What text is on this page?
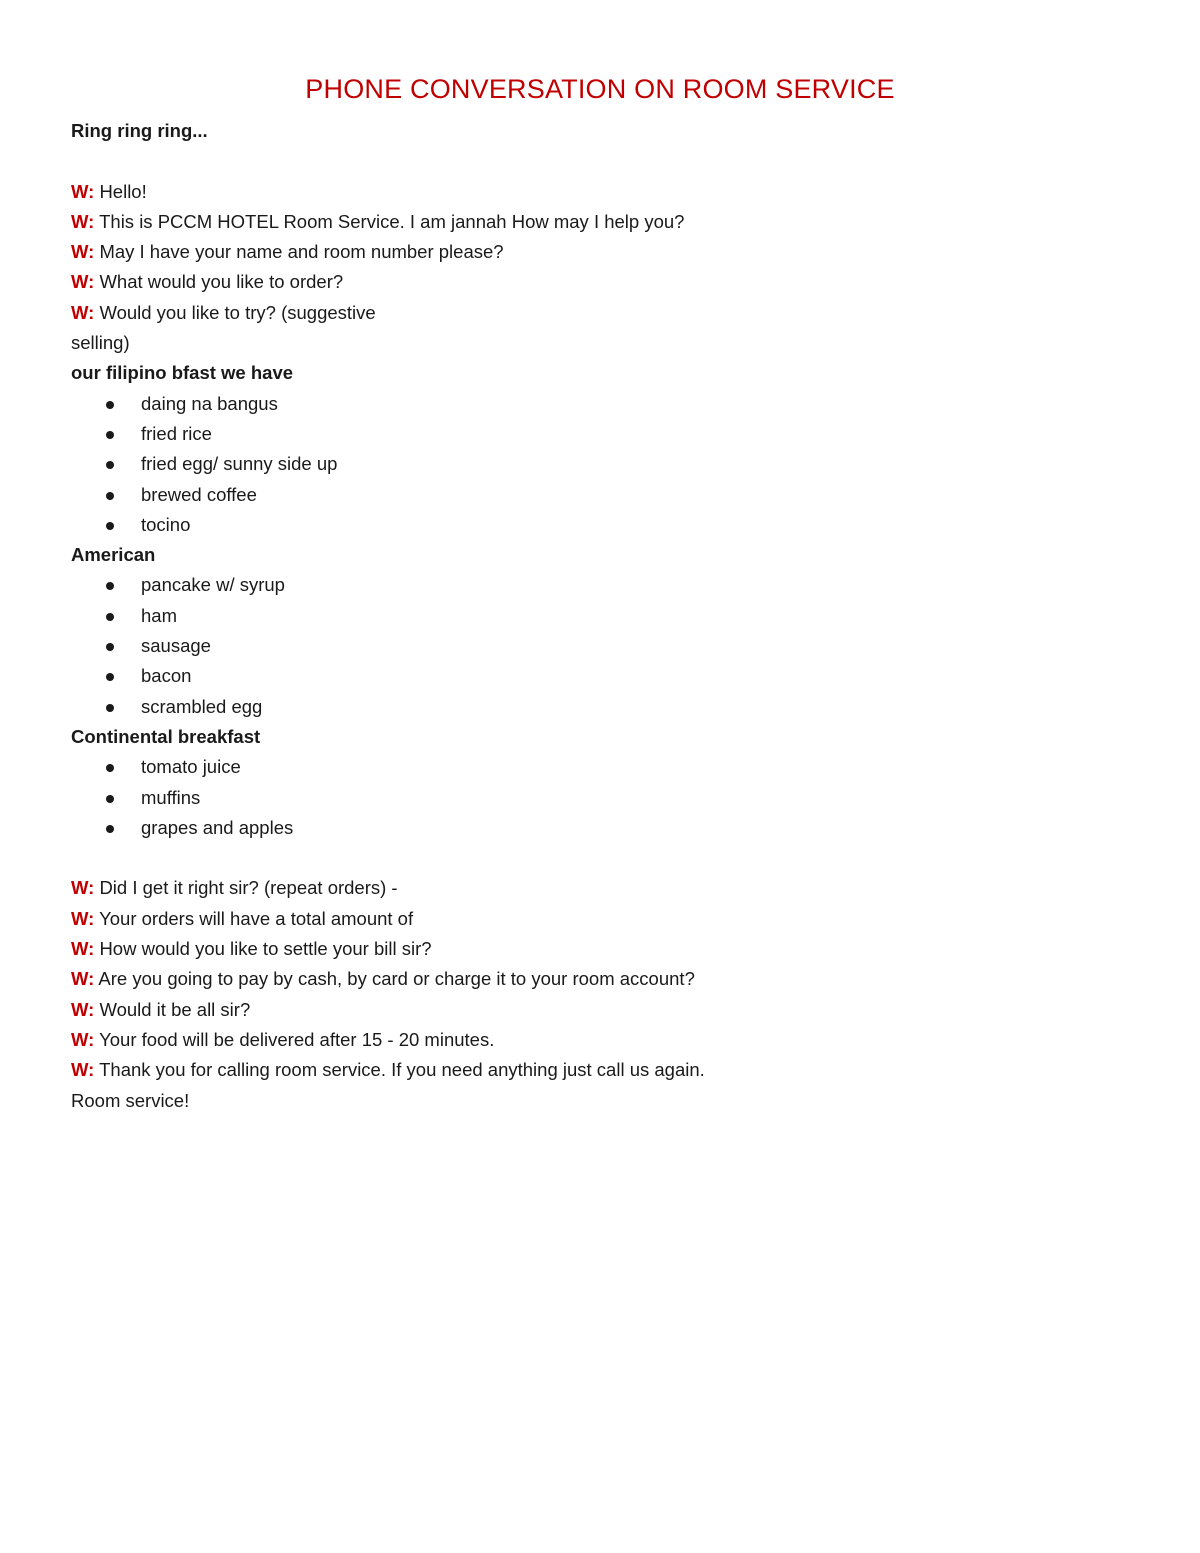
PHONE CONVERSATION ON ROOM SERVICE
Ring ring ring...
W: Hello!
W: This is PCCM HOTEL Room Service. I am jannah How may I help you?
W: May I have your name and room number please?
W: What would you like to order?
W: Would you like to try? (suggestive
selling)
our filipino bfast we have
daing na bangus
fried rice
fried egg/ sunny side up
brewed coffee
tocino
American
pancake w/ syrup
ham
sausage
bacon
scrambled egg
Continental breakfast
tomato juice
muffins
grapes and apples
W: Did I get it right sir? (repeat orders) -
W: Your orders will have a total amount of
W: How would you like to settle your bill sir?
W: Are you going to pay by cash, by card or charge it to your room account?
W: Would it be all sir?
W: Your food will be delivered after 15 - 20 minutes.
W: Thank you for calling room service. If you need anything just call us again.
Room service!
